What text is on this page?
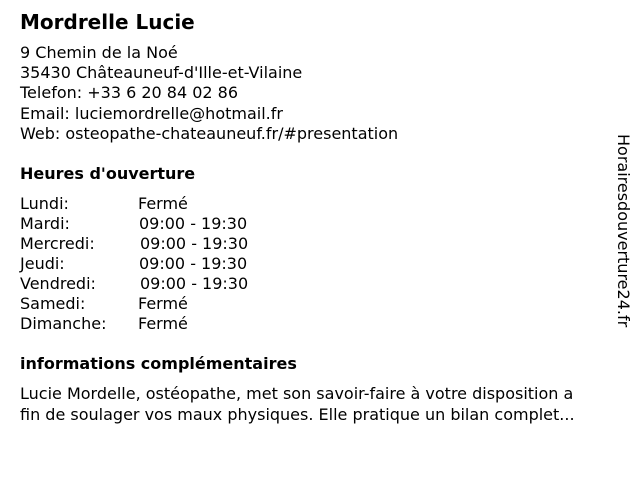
Mordrelle Lucie
9 Chemin de la Noé
35430 Châteauneuf-d'Ille-et-Vilaine
Telefon: +33 6 20 84 02 86
Email: luciemordrelle@hotmail.fr
Web: osteopathe-chateauneuf.fr/#presentation
Heures d'ouverture
Lundi:	Fermé
Mardi:	09:00 - 19:30
Mercredi:	09:00 - 19:30
Jeudi:	09:00 - 19:30
Vendredi:	09:00 - 19:30
Samedi:	Fermé
Dimanche: Fermé
informations complémentaires
Lucie Mordelle, ostéopathe, met son savoir-faire à votre disposition a
fin de soulager vos maux physiques. Elle pratique un bilan complet...
Horairesdouverture24.fr
